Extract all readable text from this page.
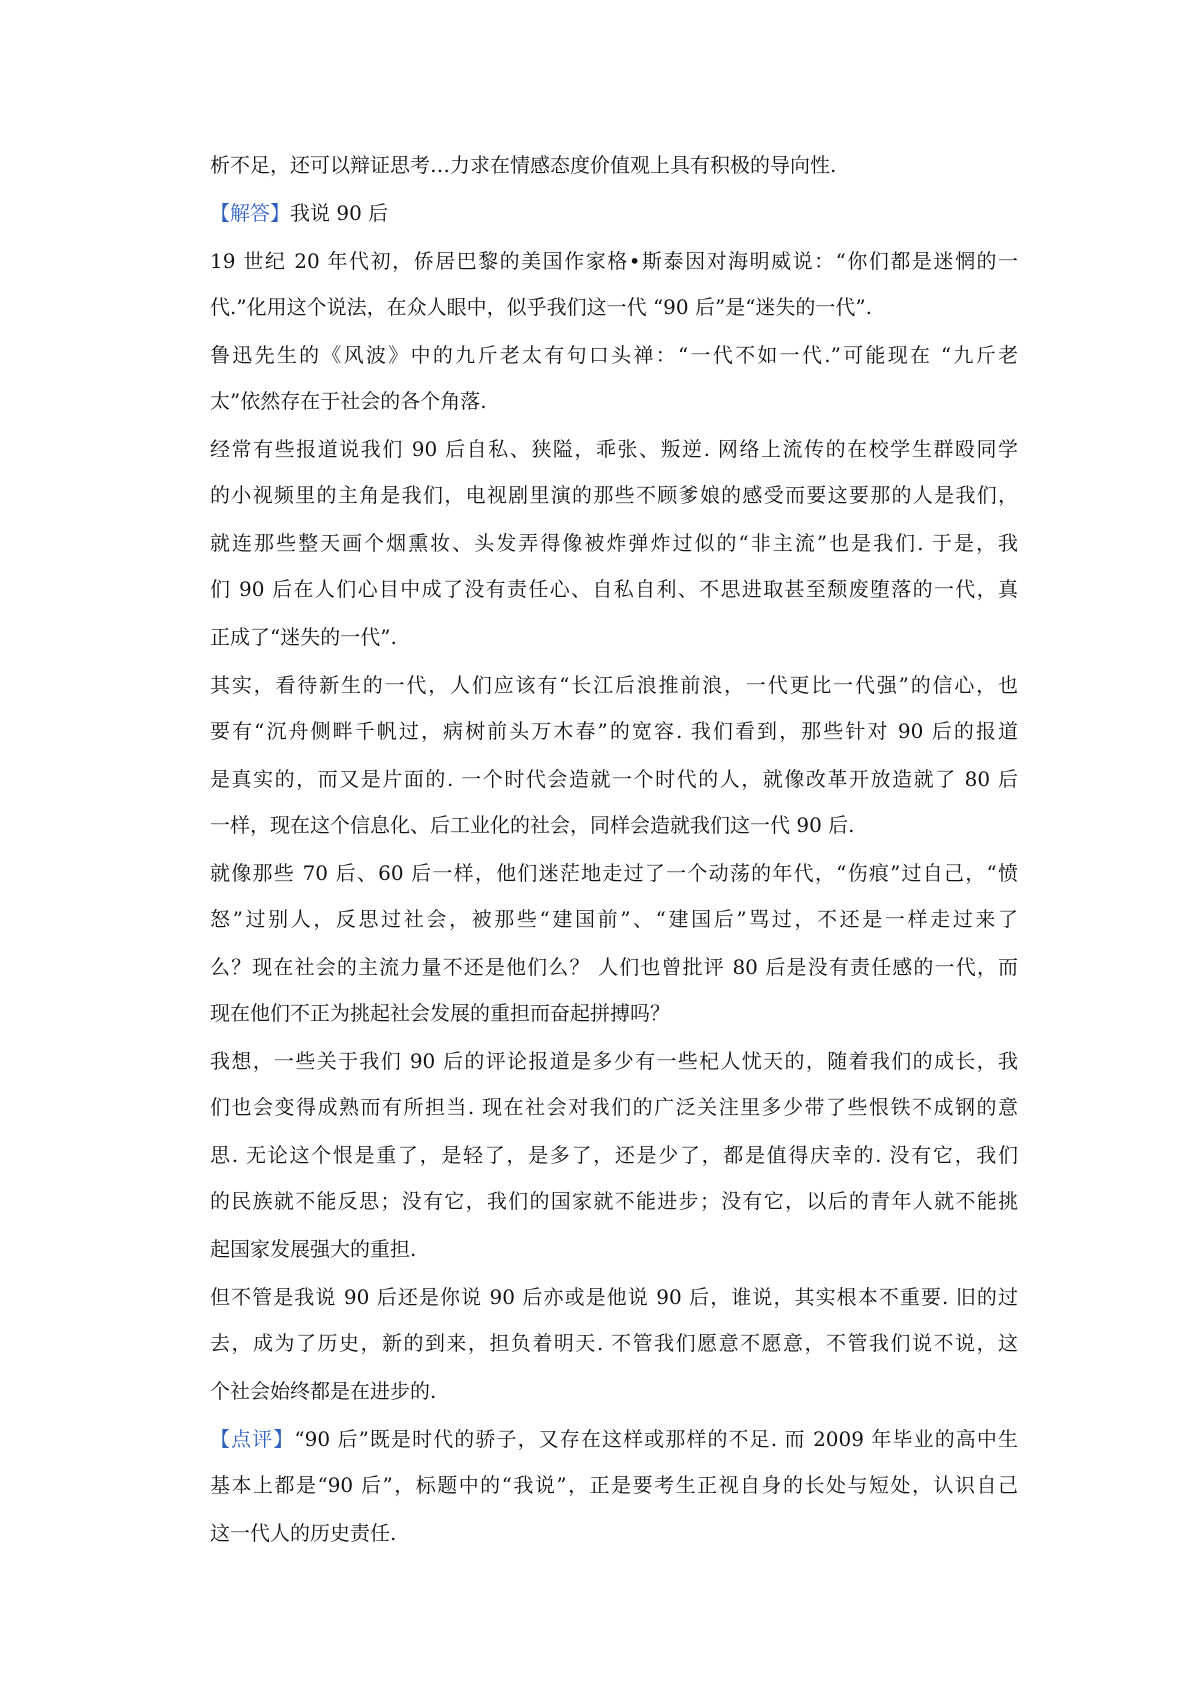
析不足，还可以辩证思考…力求在情感态度价值观上具有积极的导向性.
【解答】我说 90 后
19 世纪 20 年代初，侨居巴黎的美国作家格•斯泰因对海明威说：“你们都是迷惘的一
代.”化用这个说法，在众人眼中，似乎我们这一代 “90 后”是“迷失的一代”.
鲁迅先生的《风波》中的九斤老太有句口头禅：“一代不如一代.”可能现在 “九斤老
太”依然存在于社会的各个角落.
经常有些报道说我们 90 后自私、狭隘，乖张、叛逆. 网络上流传的在校学生群殴同学
的小视频里的主角是我们，电视剧里演的那些不顾爹娘的感受而要这要那的人是我们，
就连那些整天画个烟熏妆、头发弄得像被炸弹炸过似的“非主流”也是我们. 于是，我
们 90 后在人们心目中成了没有责任心、自私自利、不思进取甚至颓废堕落的一代，真
正成了“迷失的一代”.
其实，看待新生的一代，人们应该有“长江后浪推前浪，一代更比一代强”的信心，也
要有“沉舟侧畔千帆过，病树前头万木春”的宽容. 我们看到，那些针对 90 后的报道
是真实的，而又是片面的. 一个时代会造就一个时代的人，就像改革开放造就了 80 后
一样，现在这个信息化、后工业化的社会，同样会造就我们这一代 90 后.
就像那些 70 后、60 后一样，他们迷茫地走过了一个动荡的年代，“伤痕”过自己，“愤
怒”过别人，反思过社会，被那些“建国前”、“建国后”骂过，不还是一样走过来了
么？现在社会的主流力量不还是他们么？ 人们也曾批评 80 后是没有责任感的一代，而
现在他们不正为挑起社会发展的重担而奋起拼搏吗？
我想，一些关于我们 90 后的评论报道是多少有一些杞人忧天的，随着我们的成长，我
们也会变得成熟而有所担当. 现在社会对我们的广泛关注里多少带了些恨铁不成钢的意
思. 无论这个恨是重了，是轻了，是多了，还是少了，都是值得庆幸的. 没有它，我们
的民族就不能反思；没有它，我们的国家就不能进步；没有它，以后的青年人就不能挑
起国家发展强大的重担.
但不管是我说 90 后还是你说 90 后亦或是他说 90 后，谁说，其实根本不重要. 旧的过
去，成为了历史，新的到来，担负着明天. 不管我们愿意不愿意，不管我们说不说，这
个社会始终都是在进步的.
【点评】“90 后”既是时代的骄子，又存在这样或那样的不足. 而 2009 年毕业的高中生
基本上都是“90 后”，标题中的“我说”，正是要考生正视自身的长处与短处，认识自己
这一代人的历史责任.
